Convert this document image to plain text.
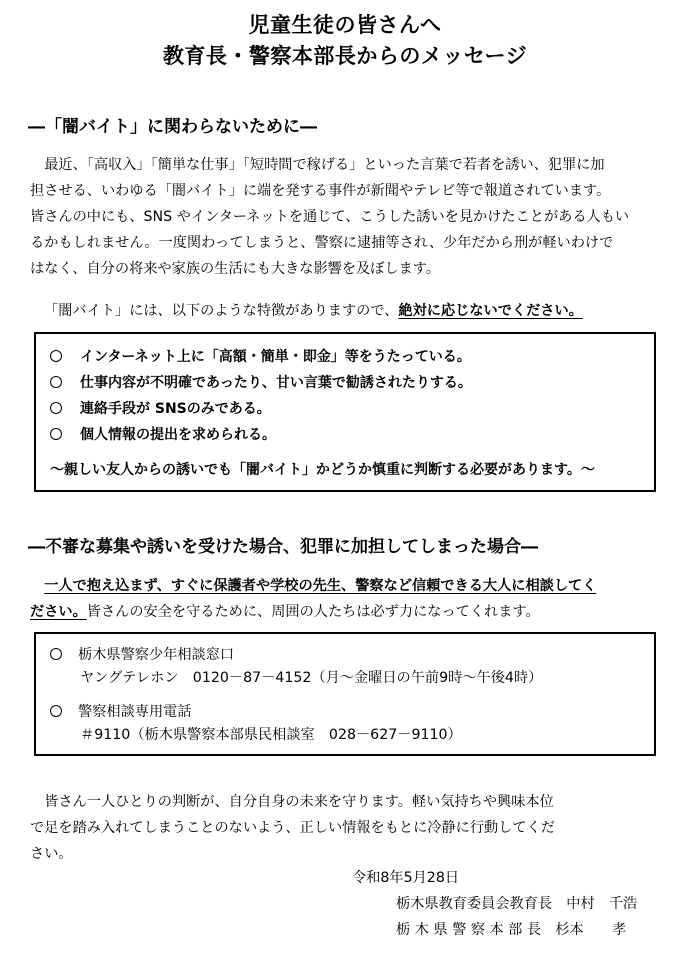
児童生徒の皆さんへ
教育長・警察本部長からのメッセージ
―「闇バイト」に関わらないために―
　最近、「高収入」「簡単な仕事」「短時間で稼げる」といった言葉で若者を誘い、犯罪に加
担させる、いわゆる「闇バイト」に端を発する事件が新聞やテレビ等で報道されています。
皆さんの中にも、SNS やインターネットを通じて、こうした誘いを見かけたことがある人もい
るかもしれません。一度関わってしまうと、警察に逮捕等され、少年だから刑が軽いわけで
はなく、自分の将来や家族の生活にも大きな影響を及ぼします。
「闇バイト」には、以下のような特徴がありますので、絶対に応じないでください。
インターネット上に「高額・簡単・即金」等をうたっている。
仕事内容が不明確であったり、甘い言葉で勧誘されたりする。
連絡手段が SNSのみである。
個人情報の提出を求められる。
～親しい友人からの誘いでも「闇バイト」かどうか慎重に判断する必要があります。～
―不審な募集や誘いを受けた場合、犯罪に加担してしまった場合―
　一人で抱え込まず、すぐに保護者や学校の先生、警察など信頼できる大人に相談してく
ださい。皆さんの安全を守るために、周囲の人たちは必ず力になってくれます。
栃木県警察少年相談窓口
ヤングテレホン　0120－87－4152（月～金曜日の午前9時～午後4時）
警察相談専用電話
＃9110（栃木県警察本部県民相談室　028－627－9110）
　皆さん一人ひとりの判断が、自分自身の未来を守ります。軽い気持ちや興味本位
で足を踏み入れてしまうことのないよう、正しい情報をもとに冷静に行動してくだ
さい。
令和8年5月28日
栃木県教育委員会教育長　中村　千浩
栃 木 県 警 察 本 部 長　杉本　　孝
